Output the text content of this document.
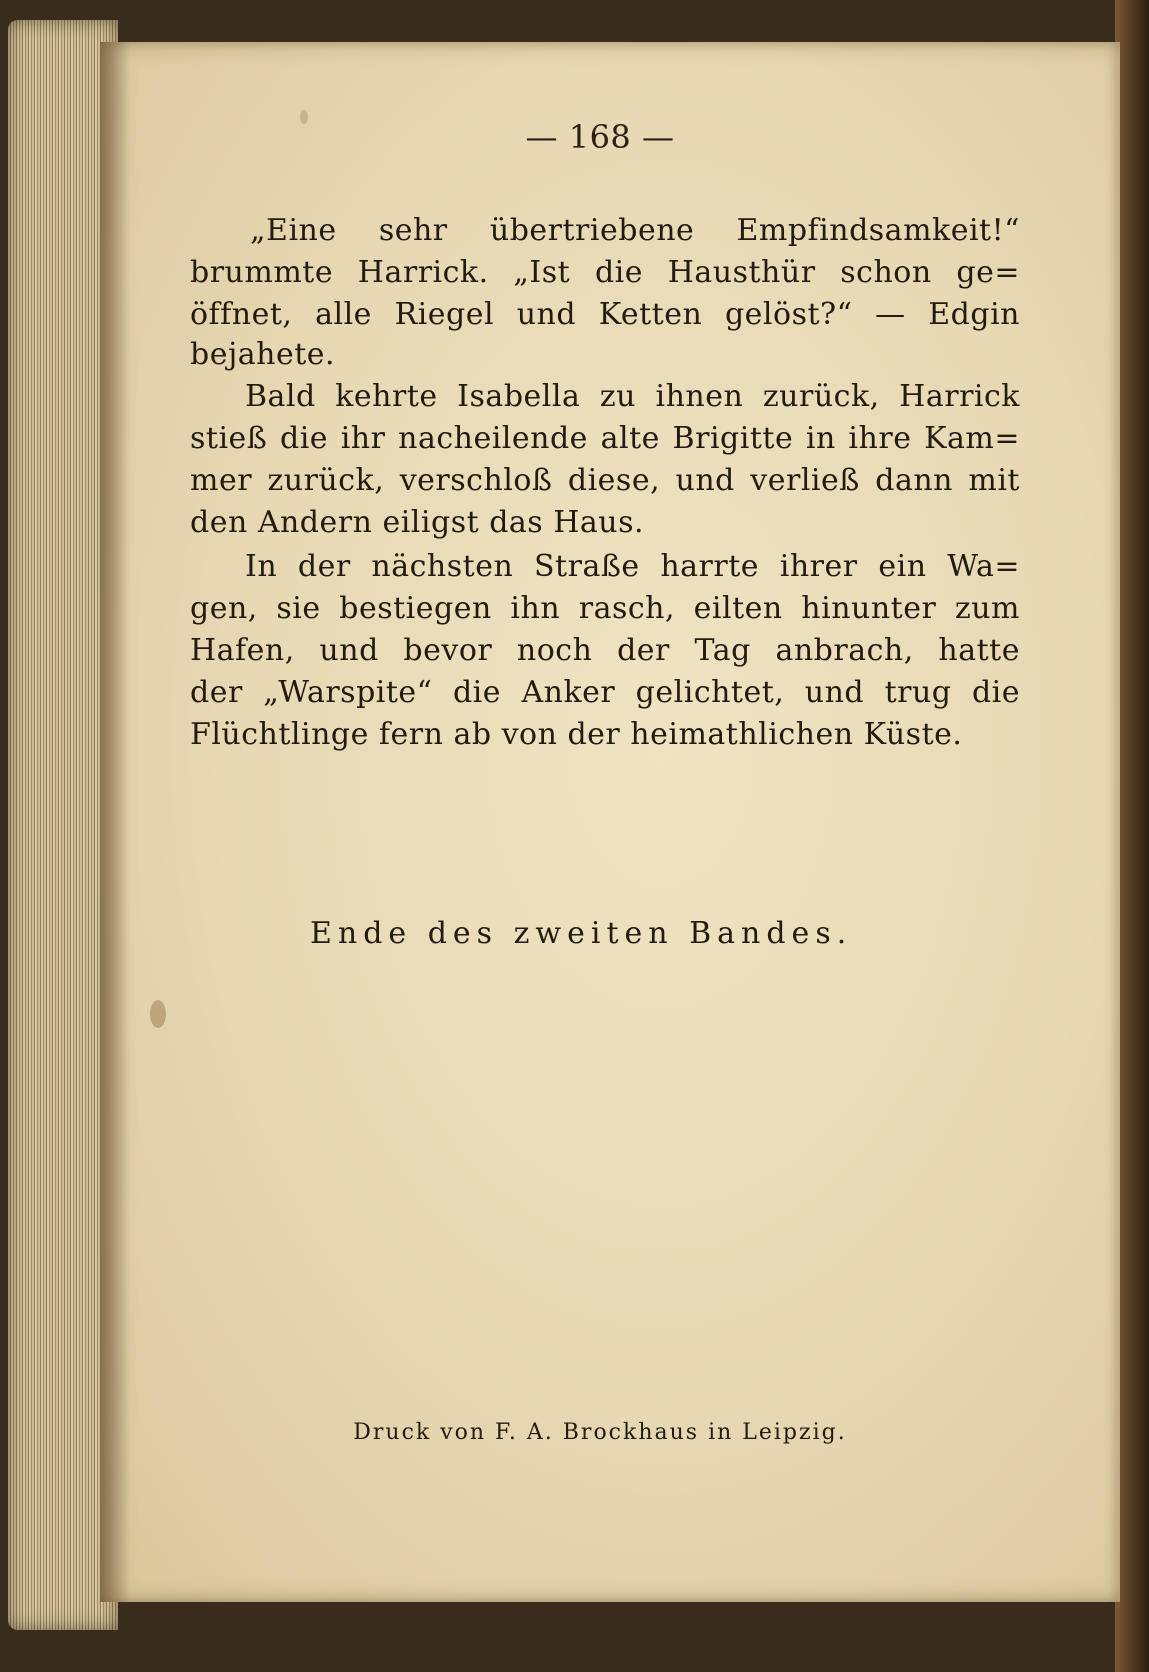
— 168 —
„Eine sehr übertriebene Empfindsamkeit!“
brummte Harrick. „Ist die Hausthür schon ge=
öffnet, alle Riegel und Ketten gelöst?“ — Edgin
bejahete.
Bald kehrte Isabella zu ihnen zurück, Harrick
stieß die ihr nacheilende alte Brigitte in ihre Kam=
mer zurück, verschloß diese, und verließ dann mit
den Andern eiligst das Haus.
In der nächsten Straße harrte ihrer ein Wa=
gen, sie bestiegen ihn rasch, eilten hinunter zum
Hafen, und bevor noch der Tag anbrach, hatte
der „Warspite“ die Anker gelichtet, und trug die
Flüchtlinge fern ab von der heimathlichen Küste.
Ende des zweiten Bandes.
Druck von F. A. Brockhaus in Leipzig.
